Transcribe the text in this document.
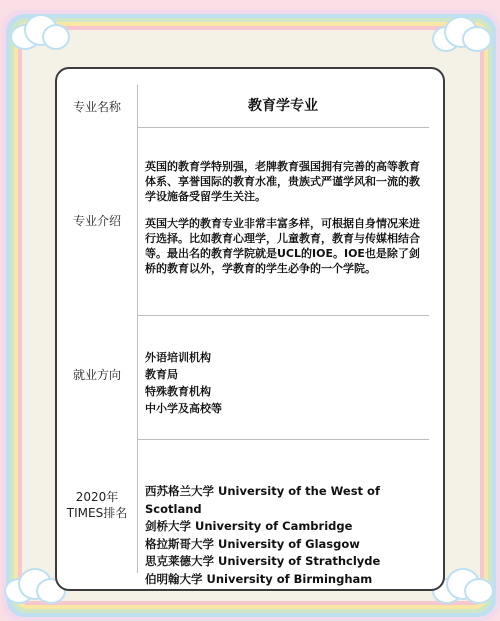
专业名称	教育学专业
专业介绍

英国的教育学特别强，老牌教育强国拥有完善的高等教育体系、享誉国际的教育水准，贵族式严谨学风和一流的教学设施备受留学生关注。

英国大学的教育专业非常丰富多样，可根据自身情况来进行选择。比如教育心理学，儿童教育，教育与传媒相结合等。最出名的教育学院就是UCL的IOE。IOE也是除了剑桥的教育以外，学教育的学生必争的一个学院。

就业方向
外语培训机构
教育局
特殊教育机构
中小学及高校等
2020年
TIMES排名
西苏格兰大学 University of the West of Scotland
剑桥大学 University of Cambridge
格拉斯哥大学 University of Glasgow
思克莱德大学 University of Strathclyde
伯明翰大学 University of Birmingham
